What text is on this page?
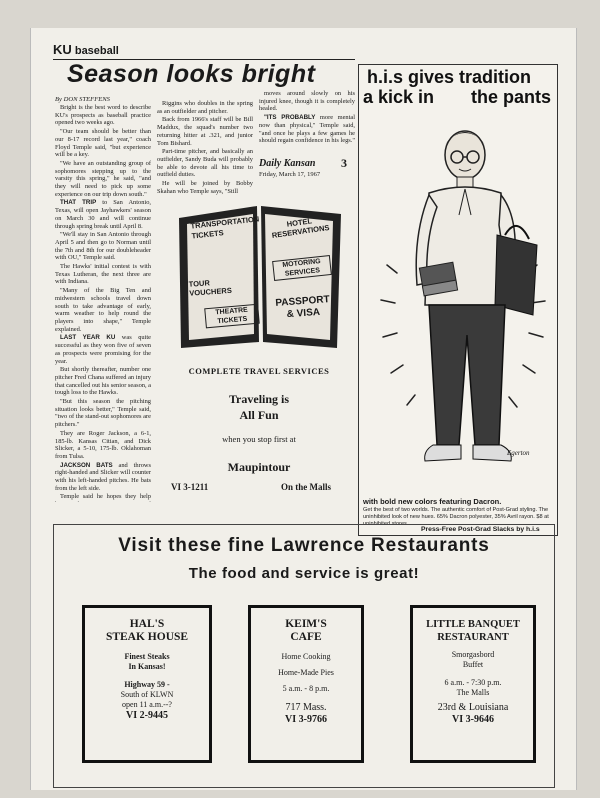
KU baseball
Season looks bright
By DON STEFFENS

Bright is the best word to describe KU's prospects as baseball practice opened two weeks ago.

"Our team should be better than our 8-17 record last year," coach Floyd Temple said, "but experience will be a key.

"We have an outstanding group of sophomores stepping up to the varsity this spring," he said, "and they will need to pick up some experience on our trip down south."

THAT TRIP to San Antonio, Texas, will open Jayhawkers' season on March 30 and will continue through spring break until April 8.

"We'll stay in San Antonio through April 5 and then go to Norman until the 7th and 8th for our doubleheader with OU," Temple said.

The Hawks' initial contest is with Texas Lutheran, the next three are with Indiana.

"Many of the Big Ten and midwestern schools travel down south to take advantage of early, warm weather to help round the players into shape," Temple explained.

LAST YEAR KU was quite successful as they won five of seven as prospects were promising for the year.

But shortly thereafter, number one pitcher Fred Chana suffered an injury that cancelled out his senior season, a tough loss to the Hawks.

"But this season the pitching situation looks better," Temple said, "two of the stand-out sophomores are pitchers."

They are Roger Jackson, a 6-1, 185-lb. Kansas Citian, and Dick Slicker, a 5-10, 175-lb. Oklahoman from Tulsa.

JACKSON BATS and throws right-handed and Slicker will counter with his left-handed pitches. He bats from the left side.

Temple said he hopes they help

Riggins who doubles in the spring as an outfielder and pitcher.

Back from 1966's staff will be Bill Maddux, the squad's number two returning hitter at .321, and junior Tom Bishard.

Part-time pitcher, and basically an outfielder, Sandy Buda will probably be able to devote all his time to outfield duties.

He will be joined by Bobby Skahan who Temple says, "Still

moves around slowly on his injured knee, though it is completely healed.

"ITS PROBABLY more mental now than physical," Temple said, "and once he plays a few games he should regain confidence in his legs."

Daily Kansan
Friday, March 17, 1967
3
TRANSPORTATION TICKETS
TOUR VOUCHERS
THEATRE TICKETS
HOTEL RESERVATIONS
MOTORING SERVICES
PASSPORT & VISA
COMPLETE TRAVEL SERVICES
Traveling is
All Fun
when you stop first at
Maupintour
VI 3-1211	On the Malls
h.i.s gives tradition
a kick in the pants
Egerton
with bold new colors featuring Dacron.
Get the best of two worlds. The authentic comfort of Post-Grad styling. The uninhibited look of new hues. 65% Dacron polyester, 35% Avril rayon. $8 at uninhibited stores.
Press-Free Post-Grad Slacks by h.i.s
Visit these fine Lawrence Restaurants
The food and service is great!
HAL'S
STEAK HOUSE
Finest Steaks
In Kansas!
Highway 59 -
South of KLWN
open 11 a.m.--?
VI 2-9445
KEIM'S
CAFE
Home Cooking
Home-Made Pies
5 a.m. - 8 p.m.
717 Mass.
VI 3-9766
LITTLE BANQUET
RESTAURANT
Smorgasbord
Buffet
6 a.m. - 7:30 p.m.
The Malls
23rd & Louisiana
VI 3-9646
